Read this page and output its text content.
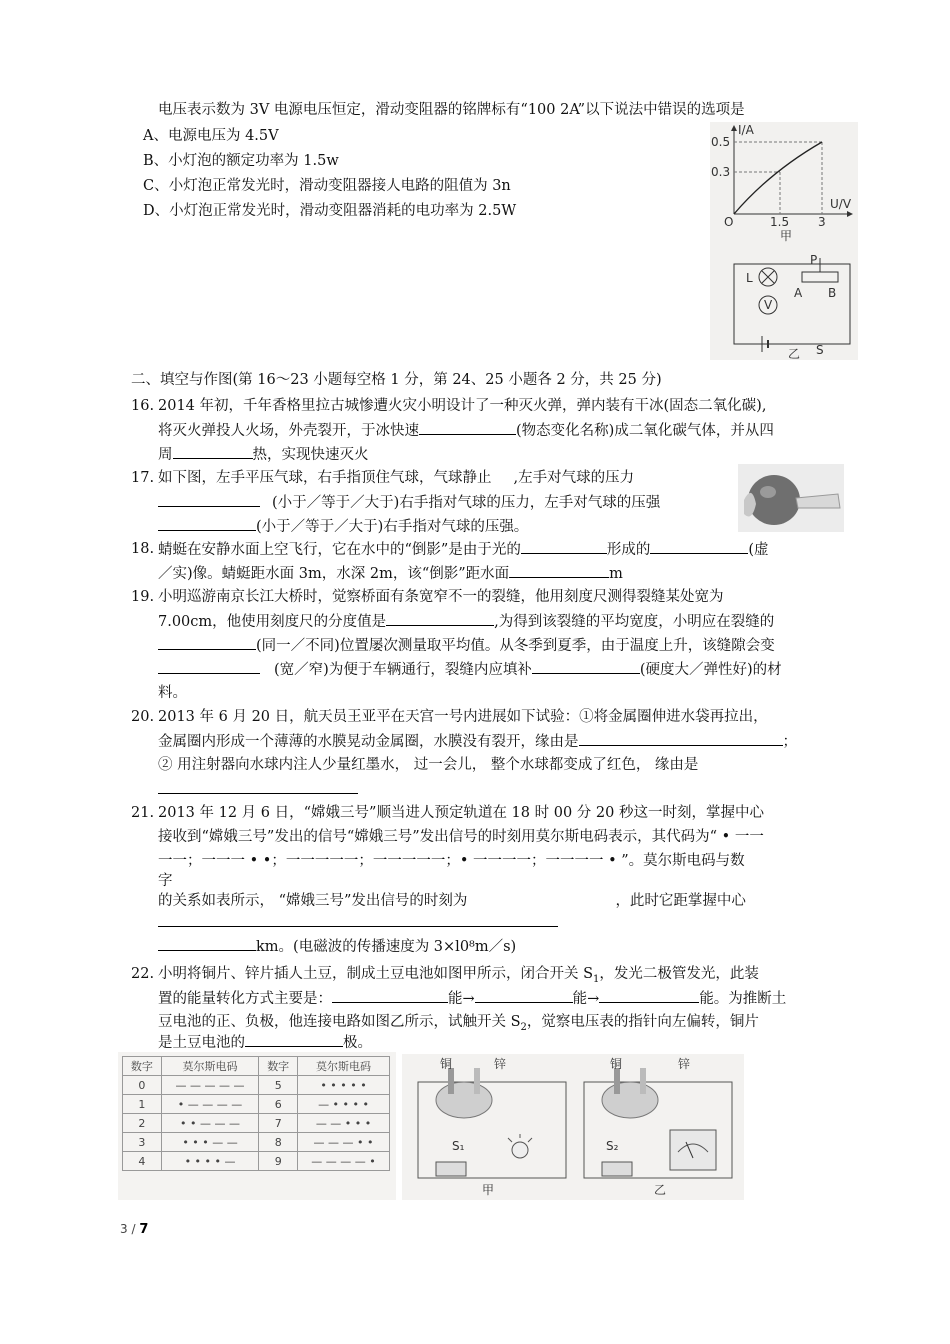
电压表示数为 3V 电源电压恒定，滑动变阻器的铭牌标有“100 2A”以下说法中错误的选项是
A、电源电压为 4.5V
B、小灯泡的额定功率为 1.5w
C、小灯泡正常发光时，滑动变阻器接人电路的阻值为 3n
D、小灯泡正常发光时，滑动变阻器消耗的电功率为 2.5W
I/A
0.5
0.3
O	1.5 3
U/V
甲
L
V
P
A B
乙 S
二、填空与作图(第 16～23 小题每空格 1 分，第 24、25 小题各 2 分，共 25 分)
16. 2014 年初，千年香格里拉古城惨遭火灾小明设计了一种灭火弹，弹内装有干冰(固态二氧化碳),
将灭火弹投人火场，外壳裂开，于冰快速	(物态变化名称)成二氧化碳气体，并从四
周	热，实现快速灭火
17. 如下图，左手平压气球，右手指顶住气球，气球静止 ,左手对气球的压力
(小于／等于／大于)右手指对气球的压力，左手对气球的压强
(小于／等于／大于)右手指对气球的压强。
18. 蜻蜓在安静水面上空飞行，它在水中的“倒影”是由于光的	形成的	(虚
／实)像。蜻蜓距水面 3m，水深 2m，该“倒影”距水面	m
19. 小明巡游南京长江大桥时，觉察桥面有条宽窄不一的裂缝，他用刻度尺测得裂缝某处宽为
7.00cm，他使用刻度尺的分度值是	,为得到该裂缝的平均宽度，小明应在裂缝的
(同一／不同)位置屡次测量取平均值。从冬季到夏季，由于温度上升，该缝隙会变
(宽／窄)为便于车辆通行，裂缝内应填补	(硬度大／弹性好)的材
料。
20. 2013 年 6 月 20 日，航天员王亚平在天宫一号内进展如下试验：①将金属圈伸进水袋再拉出，
金属圈内形成一个薄薄的水膜晃动金属圈，水膜没有裂开，缘由是	；
② 用注射器向水球内注人少量红墨水， 过一会儿， 整个水球都变成了红色， 缘由是
21. 2013 年 12 月 6 日，“嫦娥三号”顺当进人预定轨道在 18 时 00 分 20 秒这一时刻，掌握中心
接收到“嫦娥三号”发出的信号“嫦娥三号”发出信号的时刻用莫尔斯电码表示，其代码为“ • 一一
一一；一一一 • •；一一一一一；一一一一一；• 一一一一；一一一一 • ”。莫尔斯电码与数
字
的关系如表所示， “嫦娥三号”发出信号的时刻为	，此时它距掌握中心
km。(电磁波的传播速度为 3×l0⁸m／s)
22. 小明将铜片、锌片插人土豆，制成土豆电池如图甲所示，闭合开关 $S_1$，发光二极管发光，此装
置的能量转化方式主要是：	能→	能→	能。为推断土
豆电池的正、负极，他连接电路如图乙所示，试触开关 $S_2$，觉察电压表的指针向左偏转，铜片
是土豆电池的	极。
数字	莫尔斯电码	数字	莫尔斯电码
0	— — — — —	5	• • • • •
1	• — — — —	6	— • • • •
2	• • — — —	7	— — • • •
3	• • • — —	8	— — — • •
4	• • • • —	9	— — — — •
铜	锌
S₁
甲
铜	锌
S₂
乙
3 / 7
